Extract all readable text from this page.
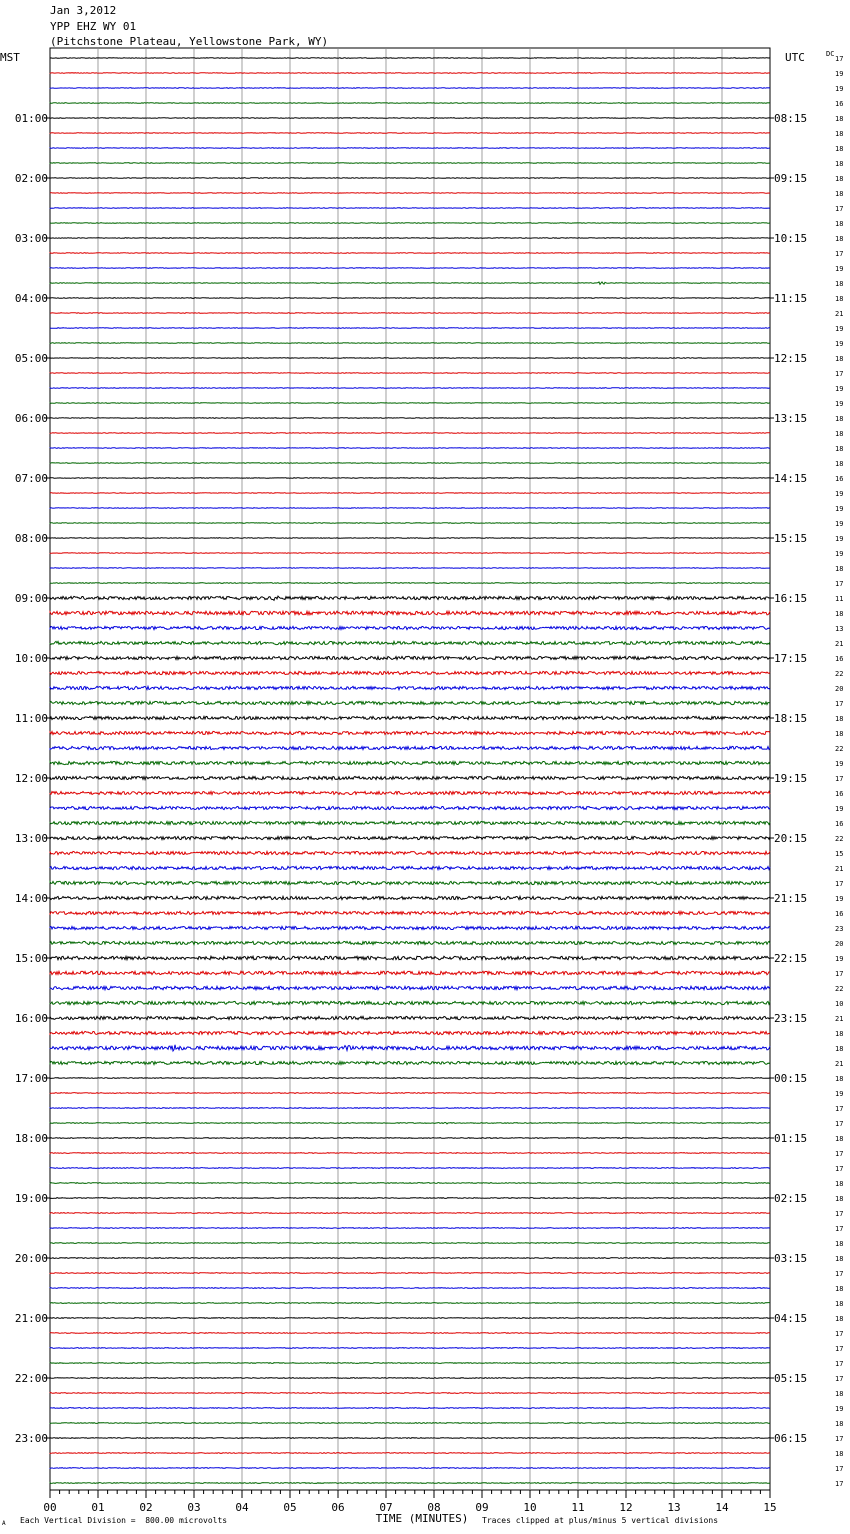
Jan 3,2012
YPP EHZ WY 01
(Pitchstone Plateau, Yellowstone Park, WY)
01:00	08:15
02:00	09:15
03:00	10:15
04:00	11:15
05:00	12:15
06:00	13:15
07:00	14:15
08:00	15:15
09:00	16:15
10:00	17:15
11:00	18:15
12:00	19:15
13:00	20:15
14:00	21:15
15:00	22:15
16:00	23:15
17:00	00:15
18:00	01:15
19:00	02:15
20:00	03:15
21:00	04:15
22:00	05:15
23:00	06:15
MST	UTC	DC
17
19
19
16
18
18
18
18
18
18
17
18
18
17
19
18
18
21
19
19
18
17
19
19
18
18
18
18
16
19
19
19
19
19
18
17
11
18
13
21
16
22
20
17
18
18
22
19
17
16
19
16
22
15
21
17
19
16
23
20
19
17
22
10
21
18
18
21
18
19
17
17
18
17
17
18
18
17
17
18
18
17
18
18
18
17
17
17
17
18
19
18
17
18
17
17
00	01	02	03	04	05	06	07	08	09	10	11	12	13	14	15
TIME (MINUTES)
A Each Vertical Division =  800.00 microvolts	Traces clipped at plus/minus 5 vertical divisions
